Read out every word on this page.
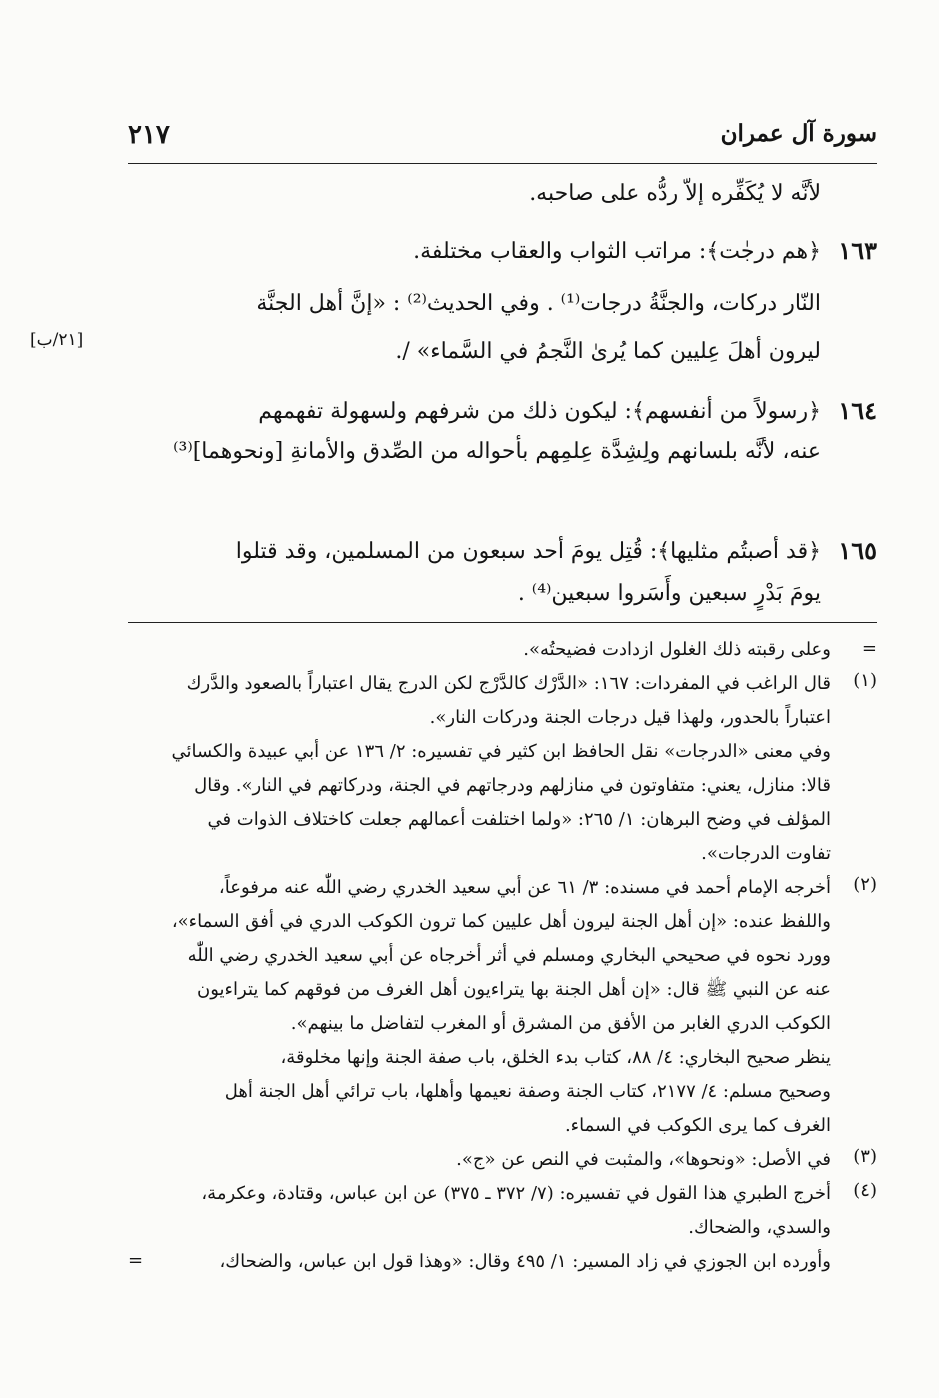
سورة آل عمران
٢١٧
لأنَّه لا يُكَفِّره إلاّ ردُّه على صاحبه.
١٦٣
﴿هم درجٰت﴾: مراتب الثواب والعقاب مختلفة.
النّار دركات، والجنَّةُ درجات⁽¹⁾ . وفي الحديث⁽²⁾ : «إنَّ أهل الجنَّة
ليرون أهلَ عِليين كما يُرىٰ النَّجمُ في السَّماء» /.
[٢١/ب]
١٦٤
﴿رسولاً من أنفسهم﴾: ليكون ذلك من شرفهم ولسهولة تفهمهم
عنه، لأنَّه بلسانهم ولِشِدَّة عِلمِهم بأحواله من الصِّدق والأمانةِ [ونحوهما]⁽³⁾
١٦٥
﴿قد أصبتُم مثليها﴾: قُتِل يومَ أحد سبعون من المسلمين، وقد قتلوا
يومَ بَدْرٍ سبعين وأَسَروا سبعين⁽⁴⁾ .
=
وعلى رقبته ذلك الغلول ازدادت فضيحتُه».
(١)
قال الراغب في المفردات: ١٦٧: «الدَّرْك كالدَّرْج لكن الدرج يقال اعتباراً بالصعود والدَّرك
اعتباراً بالحدور، ولهذا قيل درجات الجنة ودركات النار».
وفي معنى «الدرجات» نقل الحافظ ابن كثير في تفسيره: ٢/ ١٣٦ عن أبي عبيدة والكسائي
قالا: منازل، يعني: متفاوتون في منازلهم ودرجاتهم في الجنة، ودركاتهم في النار». وقال
المؤلف في وضح البرهان: ١/ ٢٦٥: «ولما اختلفت أعمالهم جعلت كاختلاف الذوات في
تفاوت الدرجات».
(٢)
أخرجه الإمام أحمد في مسنده: ٣/ ٦١ عن أبي سعيد الخدري رضي اللّٰه عنه مرفوعاً،
واللفظ عنده: «إن أهل الجنة ليرون أهل عليين كما ترون الكوكب الدري في أفق السماء»،
وورد نحوه في صحيحي البخاري ومسلم في أثر أخرجاه عن أبي سعيد الخدري رضي اللّٰه
عنه عن النبي ﷺ قال: «إن أهل الجنة بها يتراءيون أهل الغرف من فوقهم كما يتراءيون
الكوكب الدري الغابر من الأفق من المشرق أو المغرب لتفاضل ما بينهم».
ينظر صحيح البخاري: ٤/ ٨٨، كتاب بدء الخلق، باب صفة الجنة وإنها مخلوقة،
وصحيح مسلم: ٤/ ٢١٧٧، كتاب الجنة وصفة نعيمها وأهلها، باب ترائي أهل الجنة أهل
الغرف كما يرى الكوكب في السماء.
(٣)
في الأصل: «ونحوها»، والمثبت في النص عن «ج».
(٤)
أخرج الطبري هذا القول في تفسيره: (٧/ ٣٧٢ ـ ٣٧٥) عن ابن عباس، وقتادة، وعكرمة،
والسدي، والضحاك.
وأورده ابن الجوزي في زاد المسير: ١/ ٤٩٥ وقال: «وهذا قول ابن عباس، والضحاك،
=
